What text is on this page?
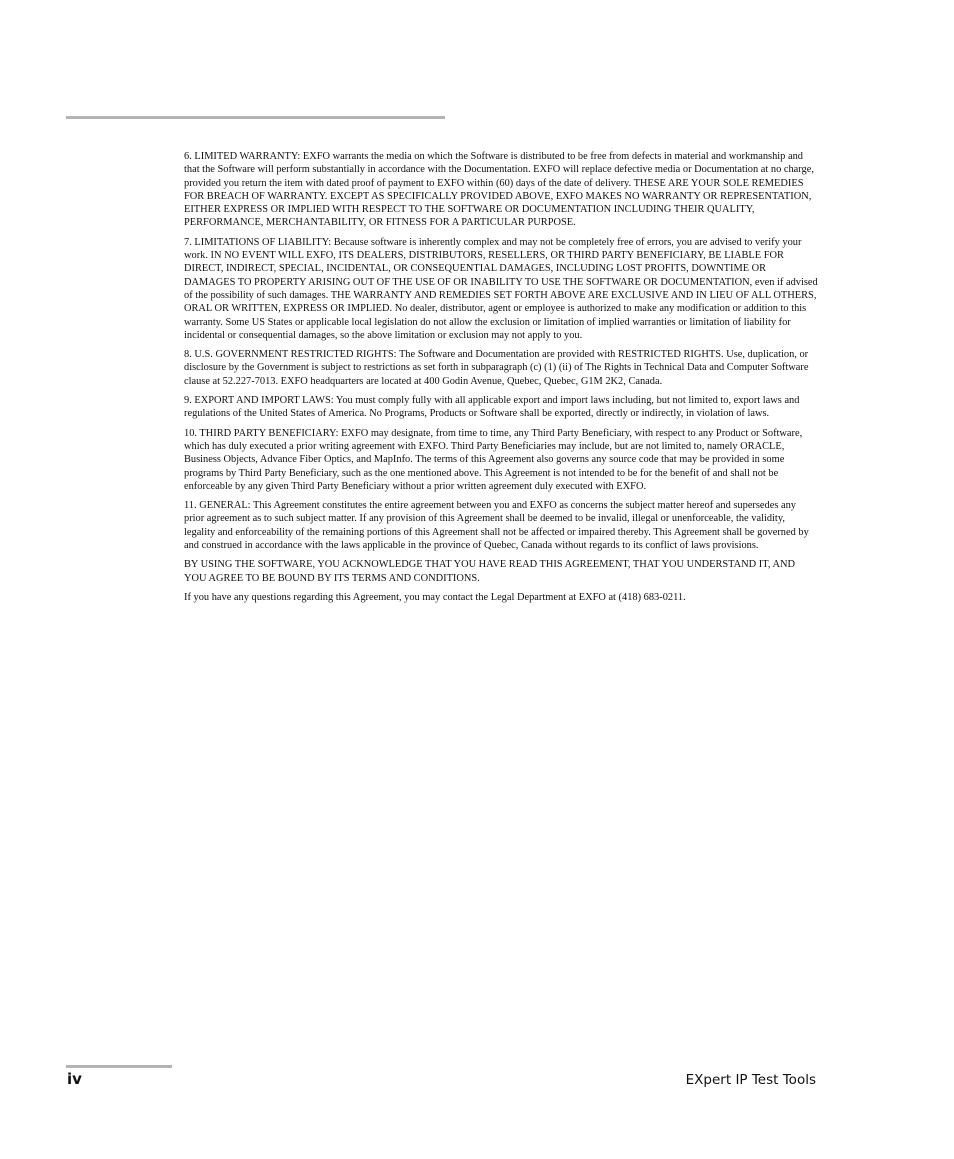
6. LIMITED WARRANTY: EXFO warrants the media on which the Software is distributed to be free from defects in material and workmanship and that the Software will perform substantially in accordance with the Documentation. EXFO will replace defective media or Documentation at no charge, provided you return the item with dated proof of payment to EXFO within (60) days of the date of delivery. THESE ARE YOUR SOLE REMEDIES FOR BREACH OF WARRANTY. EXCEPT AS SPECIFICALLY PROVIDED ABOVE, EXFO MAKES NO WARRANTY OR REPRESENTATION, EITHER EXPRESS OR IMPLIED WITH RESPECT TO THE SOFTWARE OR DOCUMENTATION INCLUDING THEIR QUALITY, PERFORMANCE, MERCHANTABILITY, OR FITNESS FOR A PARTICULAR PURPOSE.

7. LIMITATIONS OF LIABILITY: Because software is inherently complex and may not be completely free of errors, you are advised to verify your work. IN NO EVENT WILL EXFO, ITS DEALERS, DISTRIBUTORS, RESELLERS, OR THIRD PARTY BENEFICIARY, BE LIABLE FOR DIRECT, INDIRECT, SPECIAL, INCIDENTAL, OR CONSEQUENTIAL DAMAGES, INCLUDING LOST PROFITS, DOWNTIME OR DAMAGES TO PROPERTY ARISING OUT OF THE USE OF OR INABILITY TO USE THE SOFTWARE OR DOCUMENTATION, even if advised of the possibility of such damages. THE WARRANTY AND REMEDIES SET FORTH ABOVE ARE EXCLUSIVE AND IN LIEU OF ALL OTHERS, ORAL OR WRITTEN, EXPRESS OR IMPLIED. No dealer, distributor, agent or employee is authorized to make any modification or addition to this warranty. Some US States or applicable local legislation do not allow the exclusion or limitation of implied warranties or limitation of liability for incidental or consequential damages, so the above limitation or exclusion may not apply to you.

8. U.S. GOVERNMENT RESTRICTED RIGHTS: The Software and Documentation are provided with RESTRICTED RIGHTS. Use, duplication, or disclosure by the Government is subject to restrictions as set forth in subparagraph (c) (1) (ii) of The Rights in Technical Data and Computer Software clause at 52.227-7013. EXFO headquarters are located at 400 Godin Avenue, Quebec, Quebec, G1M 2K2, Canada.

9. EXPORT AND IMPORT LAWS: You must comply fully with all applicable export and import laws including, but not limited to, export laws and regulations of the United States of America. No Programs, Products or Software shall be exported, directly or indirectly, in violation of laws.

10. THIRD PARTY BENEFICIARY: EXFO may designate, from time to time, any Third Party Beneficiary, with respect to any Product or Software, which has duly executed a prior writing agreement with EXFO. Third Party Beneficiaries may include, but are not limited to, namely ORACLE, Business Objects, Advance Fiber Optics, and MapInfo. The terms of this Agreement also governs any source code that may be provided in some programs by Third Party Beneficiary, such as the one mentioned above. This Agreement is not intended to be for the benefit of and shall not be enforceable by any given Third Party Beneficiary without a prior written agreement duly executed with EXFO.

11. GENERAL: This Agreement constitutes the entire agreement between you and EXFO as concerns the subject matter hereof and supersedes any prior agreement as to such subject matter. If any provision of this Agreement shall be deemed to be invalid, illegal or unenforceable, the validity, legality and enforceability of the remaining portions of this Agreement shall not be affected or impaired thereby. This Agreement shall be governed by and construed in accordance with the laws applicable in the province of Quebec, Canada without regards to its conflict of laws provisions.

BY USING THE SOFTWARE, YOU ACKNOWLEDGE THAT YOU HAVE READ THIS AGREEMENT, THAT YOU UNDERSTAND IT, AND YOU AGREE TO BE BOUND BY ITS TERMS AND CONDITIONS.

If you have any questions regarding this Agreement, you may contact the Legal Department at EXFO at (418) 683-0211.

iv	EXpert IP Test Tools
